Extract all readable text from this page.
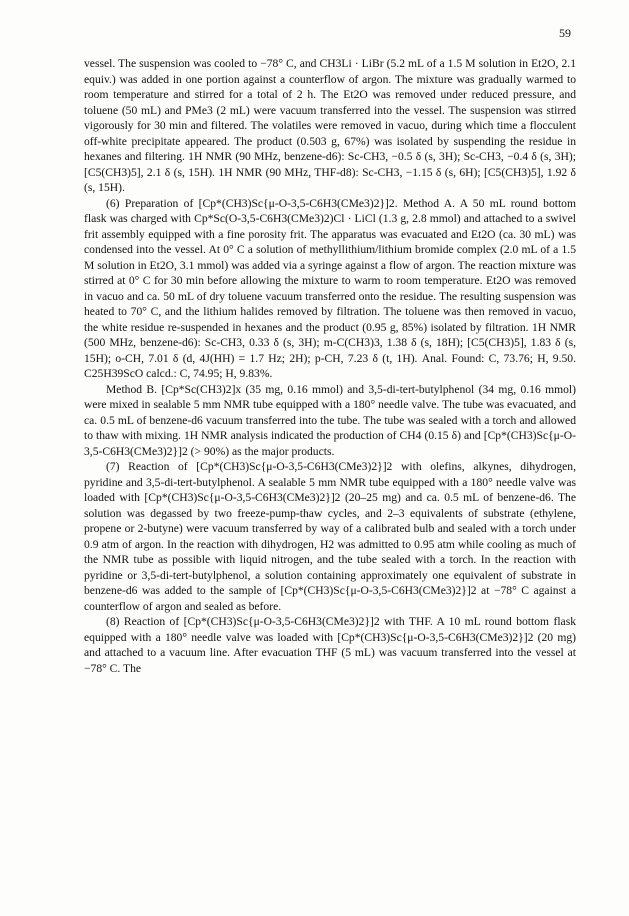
59

vessel. The suspension was cooled to −78° C, and CH3Li · LiBr (5.2 mL of a 1.5 M solution in Et2O, 2.1 equiv.) was added in one portion against a counterflow of argon. The mixture was gradually warmed to room temperature and stirred for a total of 2 h. The Et2O was removed under reduced pressure, and toluene (50 mL) and PMe3 (2 mL) were vacuum transferred into the vessel. The suspension was stirred vigorously for 30 min and filtered. The volatiles were removed in vacuo, during which time a flocculent off-white precipitate appeared. The product (0.503 g, 67%) was isolated by suspending the residue in hexanes and filtering. 1H NMR (90 MHz, benzene-d6): Sc-CH3, −0.5 δ (s, 3H); Sc-CH3, −0.4 δ (s, 3H); [C5(CH3)5], 2.1 δ (s, 15H). 1H NMR (90 MHz, THF-d8): Sc-CH3, −1.15 δ (s, 6H); [C5(CH3)5], 1.92 δ (s, 15H).

(6) Preparation of [Cp*(CH3)Sc{μ-O-3,5-C6H3(CMe3)2}]2. Method A. A 50 mL round bottom flask was charged with Cp*Sc(O-3,5-C6H3(CMe3)2)Cl · LiCl (1.3 g, 2.8 mmol) and attached to a swivel frit assembly equipped with a fine porosity frit. The apparatus was evacuated and Et2O (ca. 30 mL) was condensed into the vessel. At 0° C a solution of methyllithium/lithium bromide complex (2.0 mL of a 1.5 M solution in Et2O, 3.1 mmol) was added via a syringe against a flow of argon. The reaction mixture was stirred at 0° C for 30 min before allowing the mixture to warm to room temperature. Et2O was removed in vacuo and ca. 50 mL of dry toluene vacuum transferred onto the residue. The resulting suspension was heated to 70° C, and the lithium halides removed by filtration. The toluene was then removed in vacuo, the white residue re-suspended in hexanes and the product (0.95 g, 85%) isolated by filtration. 1H NMR (500 MHz, benzene-d6): Sc-CH3, 0.33 δ (s, 3H); m-C(CH3)3, 1.38 δ (s, 18H); [C5(CH3)5], 1.83 δ (s, 15H); o-CH, 7.01 δ (d, 4J(HH) = 1.7 Hz; 2H); p-CH, 7.23 δ (t, 1H). Anal. Found: C, 73.76; H, 9.50. C25H39ScO calcd.: C, 74.95; H, 9.83%.

Method B. [Cp*Sc(CH3)2]x (35 mg, 0.16 mmol) and 3,5-di-tert-butylphenol (34 mg, 0.16 mmol) were mixed in sealable 5 mm NMR tube equipped with a 180° needle valve. The tube was evacuated, and ca. 0.5 mL of benzene-d6 vacuum transferred into the tube. The tube was sealed with a torch and allowed to thaw with mixing. 1H NMR analysis indicated the production of CH4 (0.15 δ) and [Cp*(CH3)Sc{μ-O-3,5-C6H3(CMe3)2}]2 (> 90%) as the major products.

(7) Reaction of [Cp*(CH3)Sc{μ-O-3,5-C6H3(CMe3)2}]2 with olefins, alkynes, dihydrogen, pyridine and 3,5-di-tert-butylphenol. A sealable 5 mm NMR tube equipped with a 180° needle valve was loaded with [Cp*(CH3)Sc{μ-O-3,5-C6H3(CMe3)2}]2 (20–25 mg) and ca. 0.5 mL of benzene-d6. The solution was degassed by two freeze-pump-thaw cycles, and 2–3 equivalents of substrate (ethylene, propene or 2-butyne) were vacuum transferred by way of a calibrated bulb and sealed with a torch under 0.9 atm of argon. In the reaction with dihydrogen, H2 was admitted to 0.95 atm while cooling as much of the NMR tube as possible with liquid nitrogen, and the tube sealed with a torch. In the reaction with pyridine or 3,5-di-tert-butylphenol, a solution containing approximately one equivalent of substrate in benzene-d6 was added to the sample of [Cp*(CH3)Sc{μ-O-3,5-C6H3(CMe3)2}]2 at −78° C against a counterflow of argon and sealed as before.

(8) Reaction of [Cp*(CH3)Sc{μ-O-3,5-C6H3(CMe3)2}]2 with THF. A 10 mL round bottom flask equipped with a 180° needle valve was loaded with [Cp*(CH3)Sc{μ-O-3,5-C6H3(CMe3)2}]2 (20 mg) and attached to a vacuum line. After evacuation THF (5 mL) was vacuum transferred into the vessel at −78° C. The
